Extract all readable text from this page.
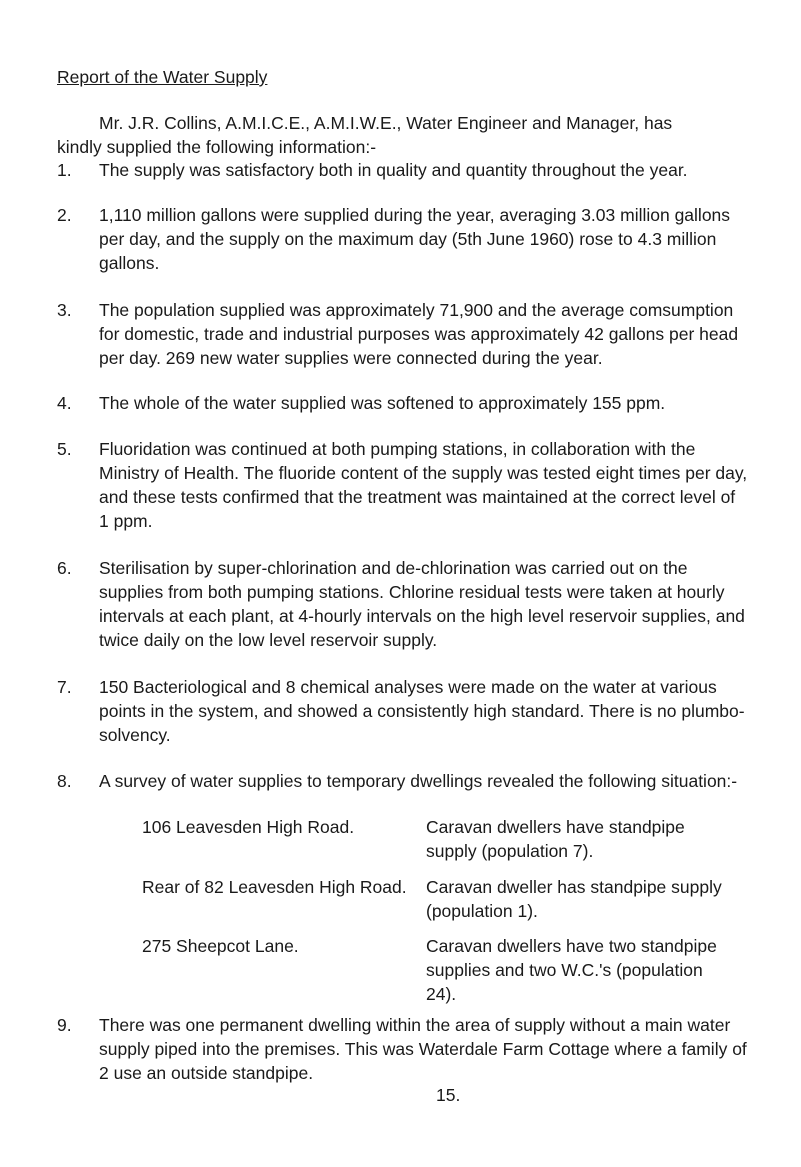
Report of the Water Supply
Mr. J.R. Collins, A.M.I.C.E., A.M.I.W.E., Water Engineer and Manager, has
kindly supplied the following information:-
1. The supply was satisfactory both in quality and quantity throughout the year.
2. 1,110 million gallons were supplied during the year, averaging 3.03 million gallons per day, and the supply on the maximum day (5th June 1960) rose to 4.3 million gallons.
3. The population supplied was approximately 71,900 and the average comsumption for domestic, trade and industrial purposes was approximately 42 gallons per head per day. 269 new water supplies were connected during the year.
4. The whole of the water supplied was softened to approximately 155 ppm.
5. Fluoridation was continued at both pumping stations, in collaboration with the Ministry of Health. The fluoride content of the supply was tested eight times per day, and these tests confirmed that the treatment was maintained at the correct level of 1 ppm.
6. Sterilisation by super-chlorination and de-chlorination was carried out on the supplies from both pumping stations. Chlorine residual tests were taken at hourly intervals at each plant, at 4-hourly intervals on the high level reservoir supplies, and twice daily on the low level reservoir supply.
7. 150 Bacteriological and 8 chemical analyses were made on the water at various points in the system, and showed a consistently high standard. There is no plumbo-solvency.
8. A survey of water supplies to temporary dwellings revealed the following situation:-
106 Leavesden High Road.	Caravan dwellers have standpipe supply (population 7).
Rear of 82 Leavesden High Road. Caravan dweller has standpipe supply (population 1).
275 Sheepcot Lane.	Caravan dwellers have two standpipe supplies and two W.C.'s (population 24).
9. There was one permanent dwelling within the area of supply without a main water supply piped into the premises. This was Waterdale Farm Cottage where a family of 2 use an outside standpipe.
15.
